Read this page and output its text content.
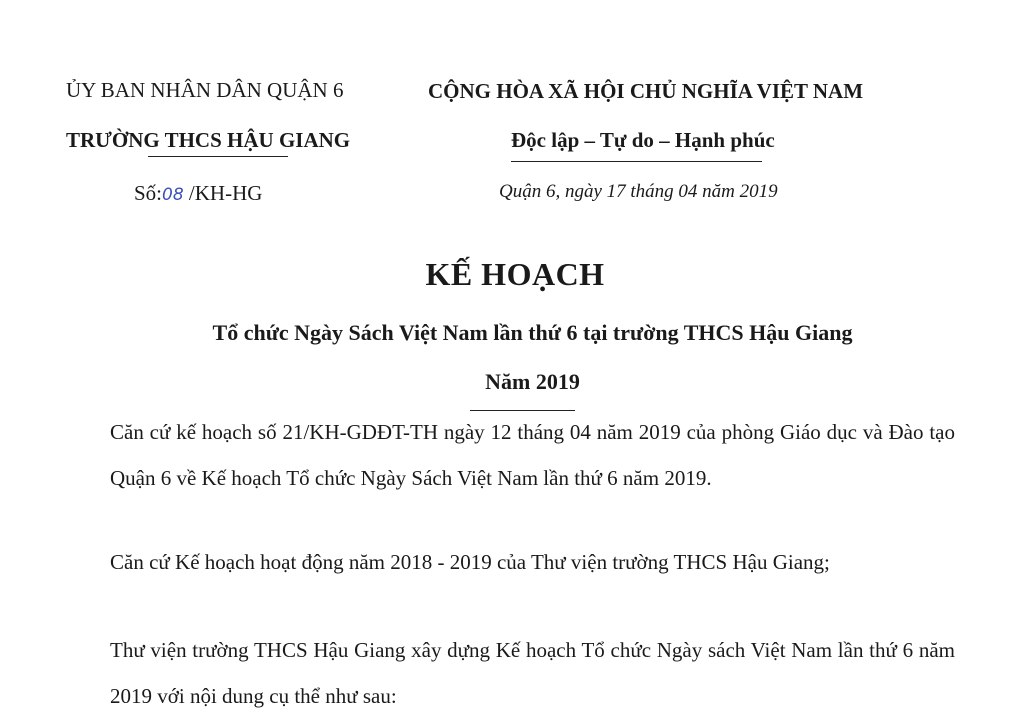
ỦY BAN NHÂN DÂN QUẬN 6
TRƯỜNG THCS HẬU GIANG
Số:08 /KH-HG
CỘNG HÒA XÃ HỘI CHỦ NGHĨA VIỆT NAM
Độc lập – Tự do – Hạnh phúc
Quận 6, ngày 17 tháng 04 năm 2019
KẾ HOẠCH
Tổ chức Ngày Sách Việt Nam lần thứ 6 tại trường THCS Hậu Giang
Năm 2019
Căn cứ kế hoạch số 21/KH-GDĐT-TH ngày 12 tháng 04 năm 2019 của phòng Giáo dục và Đào tạo Quận 6 về Kế hoạch Tổ chức Ngày Sách Việt Nam lần thứ 6 năm 2019.
Căn cứ Kế hoạch hoạt động năm 2018 - 2019 của Thư viện trường THCS Hậu Giang;
Thư viện trường THCS Hậu Giang xây dựng Kế hoạch Tổ chức Ngày sách Việt Nam lần thứ 6 năm 2019 với nội dung cụ thể như sau:
